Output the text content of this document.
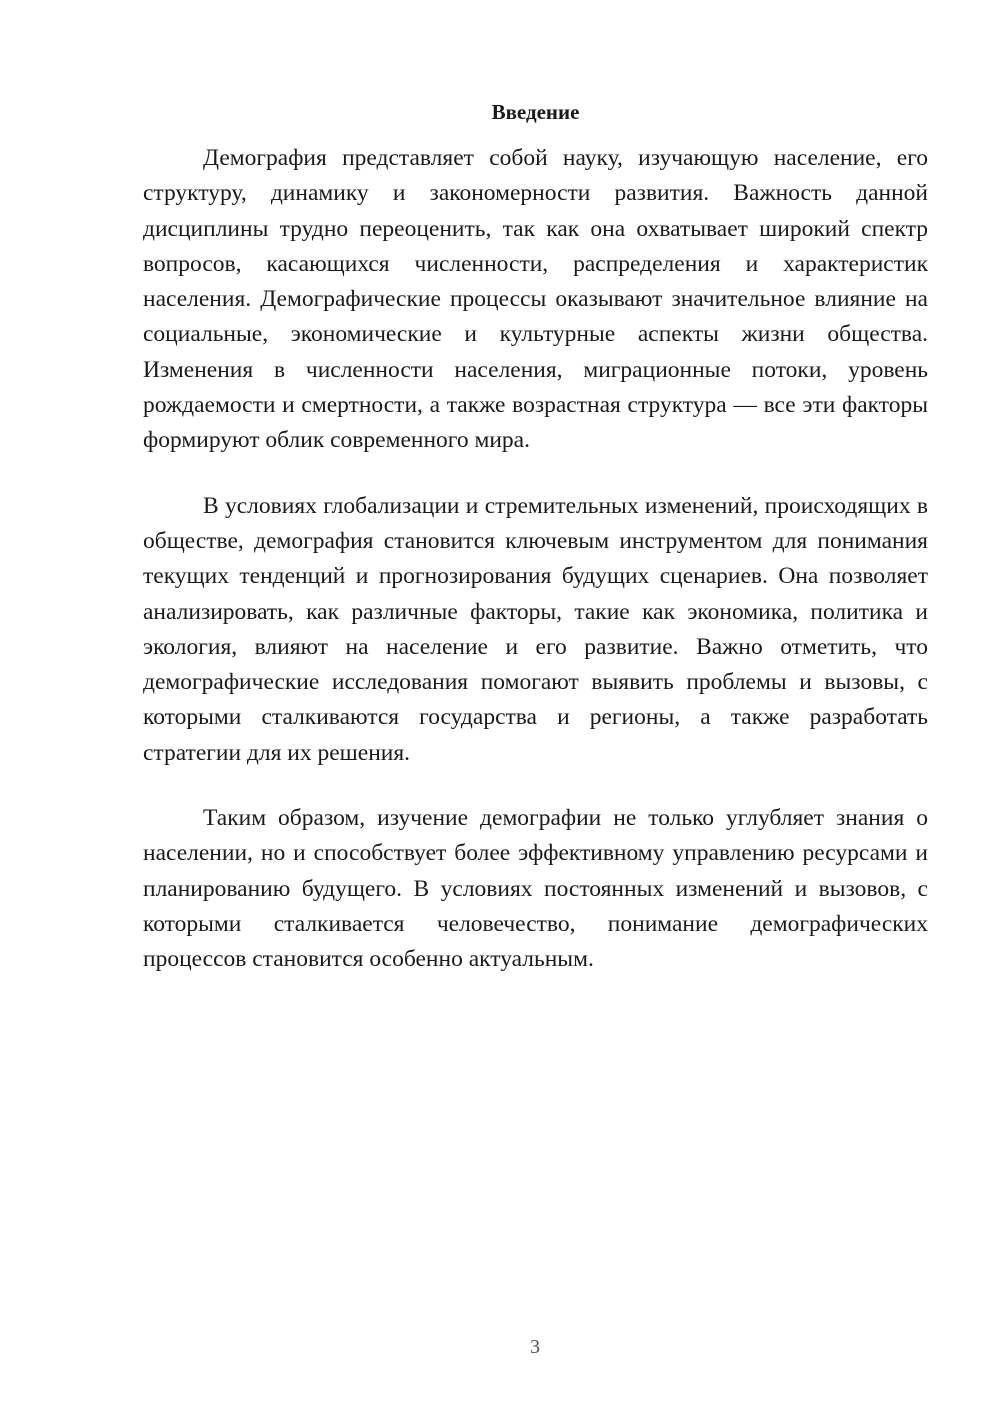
Введение

Демография представляет собой науку, изучающую население, его структуру, динамику и закономерности развития. Важность данной дисциплины трудно переоценить, так как она охватывает широкий спектр вопросов, касающихся численности, распределения и характеристик населения. Демографические процессы оказывают значительное влияние на социальные, экономические и культурные аспекты жизни общества. Изменения в численности населения, миграционные потоки, уровень рождаемости и смертности, а также возрастная структура — все эти факторы формируют облик современного мира.

В условиях глобализации и стремительных изменений, происходящих в обществе, демография становится ключевым инструментом для понимания текущих тенденций и прогнозирования будущих сценариев. Она позволяет анализировать, как различные факторы, такие как экономика, политика и экология, влияют на население и его развитие. Важно отметить, что демографические исследования помогают выявить проблемы и вызовы, с которыми сталкиваются государства и регионы, а также разработать стратегии для их решения.

Таким образом, изучение демографии не только углубляет знания о населении, но и способствует более эффективному управлению ресурсами и планированию будущего. В условиях постоянных изменений и вызовов, с которыми сталкивается человечество, понимание демографических процессов становится особенно актуальным.

3
